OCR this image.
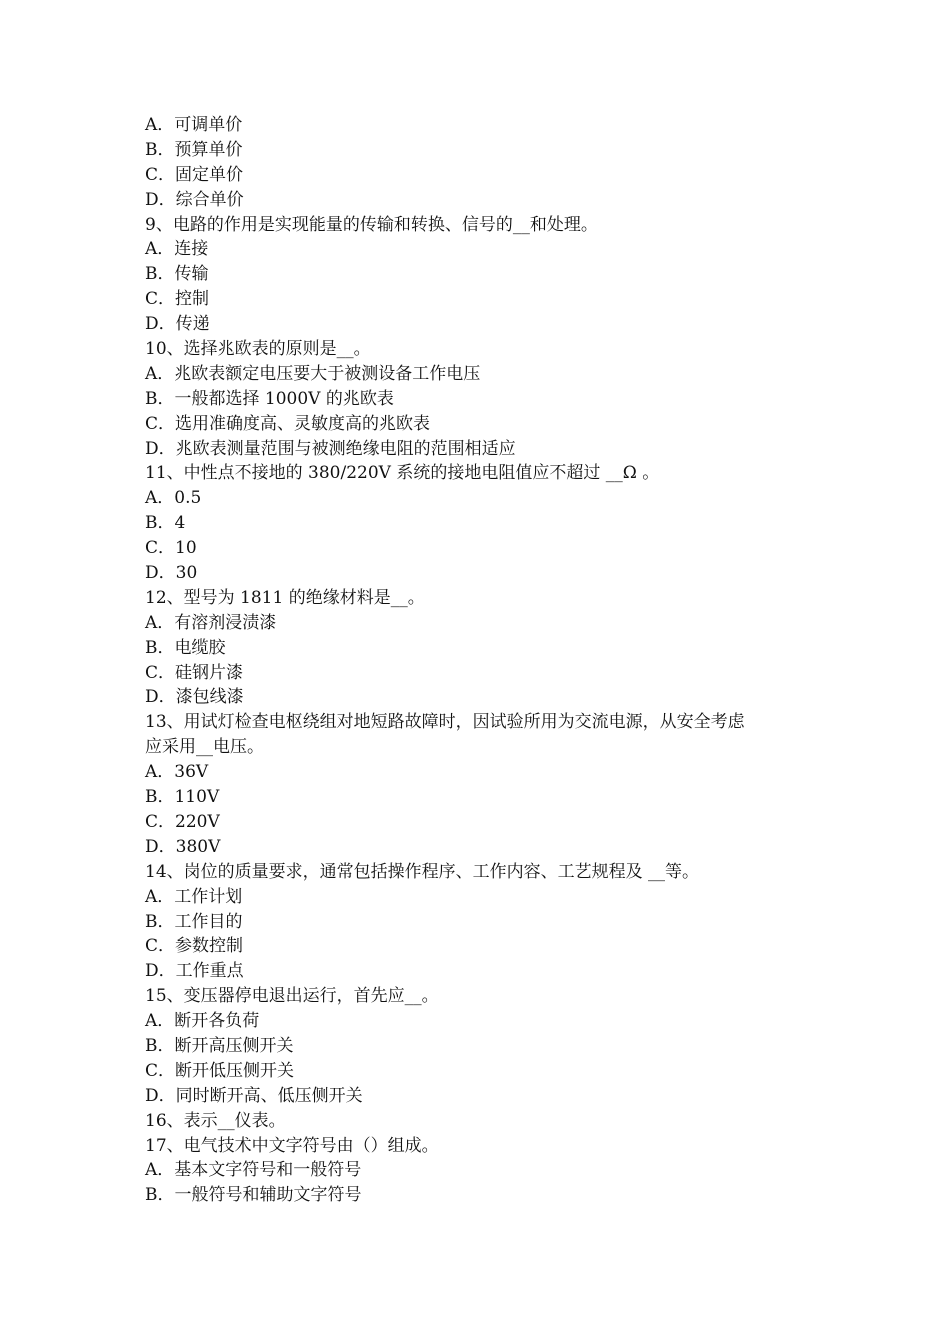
A．可调单价
B．预算单价
C．固定单价
D．综合单价
9、电路的作用是实现能量的传输和转换、信号的__和处理。
A．连接
B．传输
C．控制
D．传递
10、选择兆欧表的原则是__。
A．兆欧表额定电压要大于被测设备工作电压
B．一般都选择 1000V 的兆欧表
C．选用准确度高、灵敏度高的兆欧表
D．兆欧表测量范围与被测绝缘电阻的范围相适应
11、中性点不接地的 380/220V 系统的接地电阻值应不超过 __Ω 。
A．0.5
B．4
C．10
D．30
12、型号为 1811 的绝缘材料是__。
A．有溶剂浸渍漆
B．电缆胶
C．硅钢片漆
D．漆包线漆
13、用试灯检查电枢绕组对地短路故障时，因试验所用为交流电源，从安全考虑
应采用__电压。
A．36V
B．110V
C．220V
D．380V
14、岗位的质量要求，通常包括操作程序、工作内容、工艺规程及 __等。
A．工作计划
B．工作目的
C．参数控制
D．工作重点
15、变压器停电退出运行，首先应__。
A．断开各负荷
B．断开高压侧开关
C．断开低压侧开关
D．同时断开高、低压侧开关
16、表示__仪表。
17、电气技术中文字符号由（）组成。
A．基本文字符号和一般符号
B．一般符号和辅助文字符号
